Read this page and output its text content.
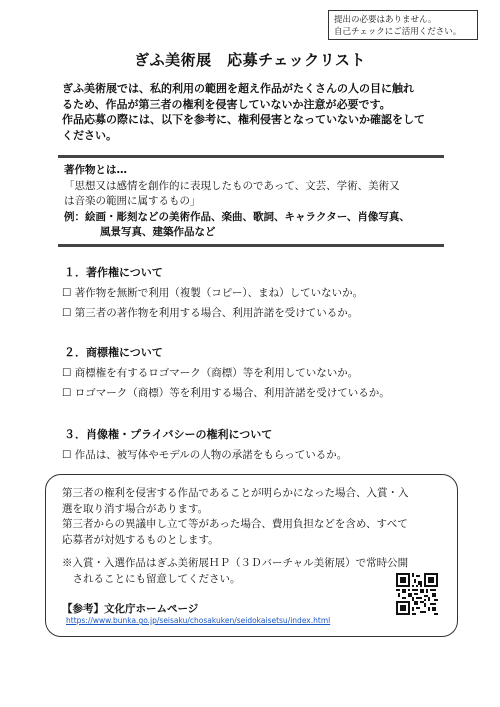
提出の必要はありません。
自己チェックにご活用ください。
ぎふ美術展　応募チェックリスト
ぎふ美術展では、私的利用の範囲を超え作品がたくさんの人の目に触れ
るため、作品が第三者の権利を侵害していないか注意が必要です。
作品応募の際には、以下を参考に、権利侵害となっていないか確認をして
ください。
著作物とは…
「思想又は感情を創作的に表現したものであって、文芸、学術、美術又
は音楽の範囲に属するもの」
例：絵画・彫刻などの美術作品、楽曲、歌詞、キャラクター、肖像写真、
風景写真、建築作品など
１．著作権について
☐ 著作物を無断で利用（複製（コピー）、まね）していないか。
☐ 第三者の著作物を利用する場合、利用許諾を受けているか。
２．商標権について
☐ 商標権を有するロゴマーク（商標）等を利用していないか。
☐ ロゴマーク（商標）等を利用する場合、利用許諾を受けているか。
３．肖像権・プライバシーの権利について
☐ 作品は、被写体やモデルの人物の承諾をもらっているか。
第三者の権利を侵害する作品であることが明らかになった場合、入賞・入
選を取り消す場合があります。
第三者からの異議申し立て等があった場合、費用負担などを含め、すべて
応募者が対処するものとします。
※入賞・入選作品はぎふ美術展ＨＰ（３Ｄバーチャル美術展）で常時公開
　されることにも留意してください。
【参考】文化庁ホームページ
https://www.bunka.go.jp/seisaku/chosakuken/seidokaisetsu/index.html
